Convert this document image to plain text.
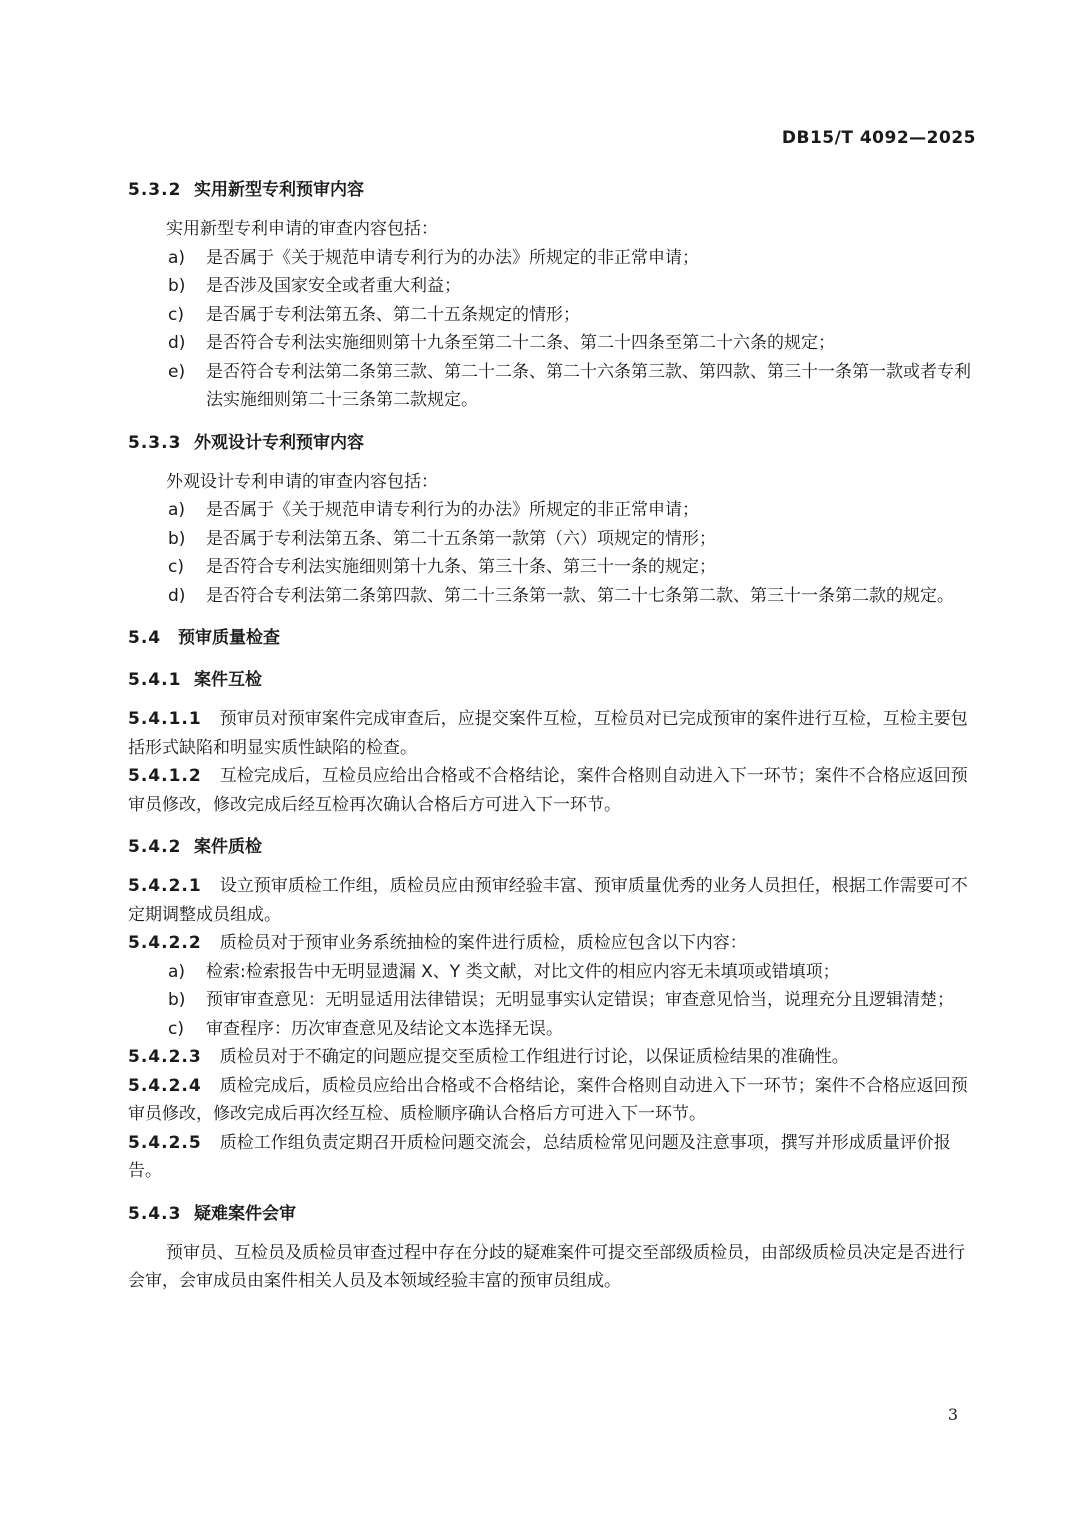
DB15/T 4092—2025

5.3.2 实用新型专利预审内容

实用新型专利申请的审查内容包括：

a) 是否属于《关于规范申请专利行为的办法》所规定的非正常申请；
b) 是否涉及国家安全或者重大利益；
c) 是否属于专利法第五条、第二十五条规定的情形；
d) 是否符合专利法实施细则第十九条至第二十二条、第二十四条至第二十六条的规定；
e) 是否符合专利法第二条第三款、第二十二条、第二十六条第三款、第四款、第三十一条第一款或者专利法实施细则第二十三条第二款规定。

5.3.3 外观设计专利预审内容

外观设计专利申请的审查内容包括：

a) 是否属于《关于规范申请专利行为的办法》所规定的非正常申请；
b) 是否属于专利法第五条、第二十五条第一款第（六）项规定的情形；
c) 是否符合专利法实施细则第十九条、第三十条、第三十一条的规定；
d) 是否符合专利法第二条第四款、第二十三条第一款、第二十七条第二款、第三十一条第二款的规定。

5.4 预审质量检查

5.4.1 案件互检

5.4.1.1 预审员对预审案件完成审查后，应提交案件互检，互检员对已完成预审的案件进行互检，互检主要包括形式缺陷和明显实质性缺陷的检查。

5.4.1.2 互检完成后，互检员应给出合格或不合格结论，案件合格则自动进入下一环节；案件不合格应返回预审员修改，修改完成后经互检再次确认合格后方可进入下一环节。

5.4.2 案件质检

5.4.2.1 设立预审质检工作组，质检员应由预审经验丰富、预审质量优秀的业务人员担任，根据工作需要可不定期调整成员组成。

5.4.2.2 质检员对于预审业务系统抽检的案件进行质检，质检应包含以下内容：

a) 检索:检索报告中无明显遗漏 X、Y 类文献，对比文件的相应内容无未填项或错填项；
b) 预审审查意见：无明显适用法律错误；无明显事实认定错误；审查意见恰当，说理充分且逻辑清楚；
c) 审查程序：历次审查意见及结论文本选择无误。

5.4.2.3 质检员对于不确定的问题应提交至质检工作组进行讨论，以保证质检结果的准确性。

5.4.2.4 质检完成后，质检员应给出合格或不合格结论，案件合格则自动进入下一环节；案件不合格应返回预审员修改，修改完成后再次经互检、质检顺序确认合格后方可进入下一环节。

5.4.2.5 质检工作组负责定期召开质检问题交流会，总结质检常见问题及注意事项，撰写并形成质量评价报告。

5.4.3 疑难案件会审

预审员、互检员及质检员审查过程中存在分歧的疑难案件可提交至部级质检员，由部级质检员决定是否进行会审，会审成员由案件相关人员及本领域经验丰富的预审员组成。

3
